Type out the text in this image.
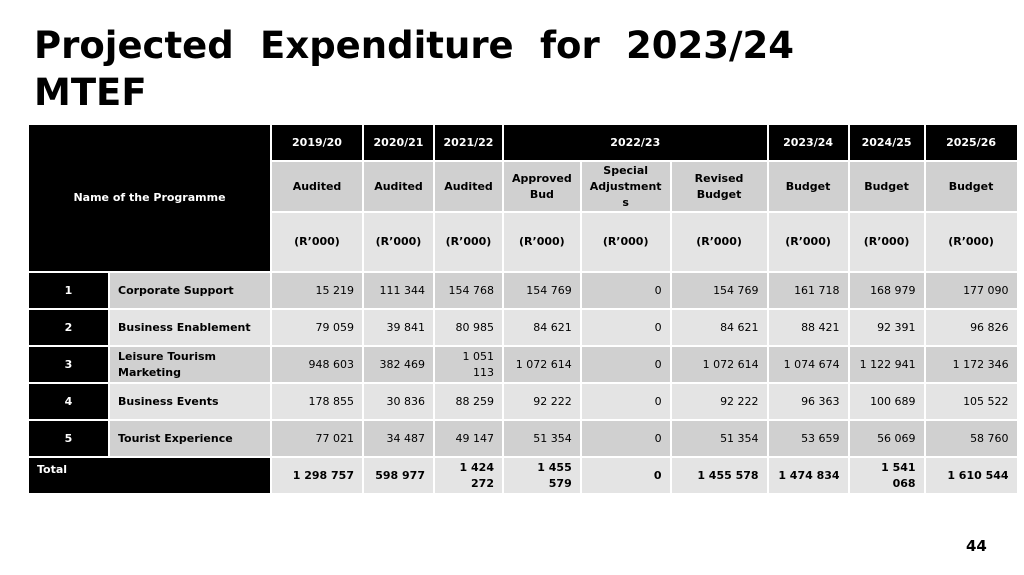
Projected Expenditure for 2023/24 MTEF
Name of the Programme		2019/20	2020/21	2021/22	2022/23			2023/24	2024/25	2025/26
		Audited	Audited	Audited	Approved Bud	Special Adjustment s	Revised Budget	Budget	Budget	Budget
		(R’000)	(R’000)	(R’000)	(R’000)	(R’000)	(R’000)	(R’000)	(R’000)	(R’000)
1	Corporate Support	15 219	111 344	154 768	154 769	0	154 769	161 718	168 979	177 090
2	Business Enablement	79 059	39 841	80 985	84 621	0	84 621	88 421	92 391	96 826
3	Leisure Tourism Marketing	948 603	382 469	1 051 113	1 072 614	0	1 072 614	1 074 674	1 122 941	1 172 346
4	Business Events	178 855	30 836	88 259	92 222	0	92 222	96 363	100 689	105 522
5	Tourist Experience	77 021	34 487	49 147	51 354	0	51 354	53 659	56 069	58 760
Total		1 298 757	598 977	1 424 272	1 455 579	0	1 455 578	1 474 834	1 541 068	1 610 544
44
